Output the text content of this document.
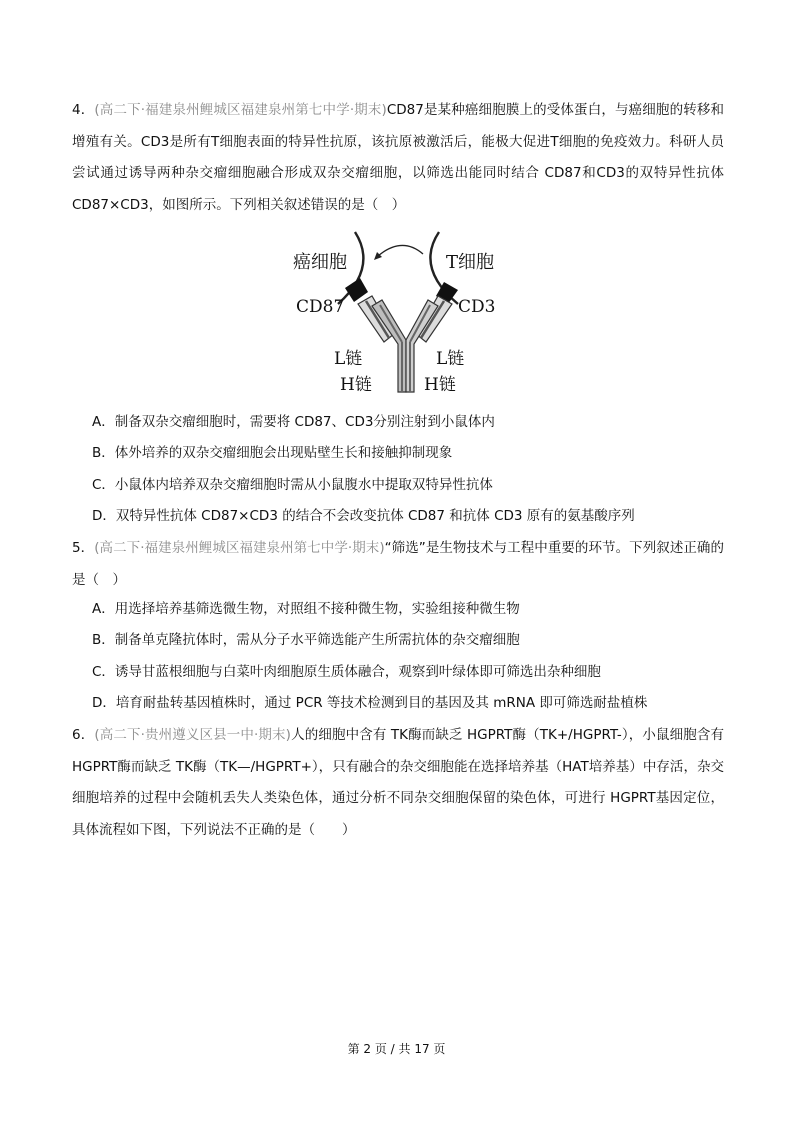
4．(高二下·福建泉州鲤城区福建泉州第七中学·期末)CD87是某种癌细胞膜上的受体蛋白，与癌细胞的转移和增殖有关。CD3是所有T细胞表面的特异性抗原，该抗原被激活后，能极大促进T细胞的免疫效力。科研人员尝试通过诱导两种杂交瘤细胞融合形成双杂交瘤细胞，以筛选出能同时结合 CD87和CD3的双特异性抗体 CD87×CD3，如图所示。下列相关叙述错误的是（　）
癌细胞	T细胞
CD87	CD3
L链	L链
H链	H链
A．制备双杂交瘤细胞时，需要将 CD87、CD3分别注射到小鼠体内
B．体外培养的双杂交瘤细胞会出现贴壁生长和接触抑制现象
C．小鼠体内培养双杂交瘤细胞时需从小鼠腹水中提取双特异性抗体
D．双特异性抗体 CD87×CD3 的结合不会改变抗体 CD87 和抗体 CD3 原有的氨基酸序列
5．(高二下·福建泉州鲤城区福建泉州第七中学·期末)“筛选”是生物技术与工程中重要的环节。下列叙述正确的是（　）
A．用选择培养基筛选微生物，对照组不接种微生物，实验组接种微生物
B．制备单克隆抗体时，需从分子水平筛选能产生所需抗体的杂交瘤细胞
C．诱导甘蓝根细胞与白菜叶肉细胞原生质体融合，观察到叶绿体即可筛选出杂种细胞
D．培育耐盐转基因植株时，通过 PCR 等技术检测到目的基因及其 mRNA 即可筛选耐盐植株
6．(高二下·贵州遵义区县一中·期末)人的细胞中含有 TK酶而缺乏 HGPRT酶（TK+/HGPRT-），小鼠细胞含有HGPRT酶而缺乏 TK酶（TK—/HGPRT+），只有融合的杂交细胞能在选择培养基（HAT培养基）中存活，杂交细胞培养的过程中会随机丢失人类染色体，通过分析不同杂交细胞保留的染色体，可进行 HGPRT基因定位，具体流程如下图，下列说法不正确的是（　　）
第 2 页 / 共 17 页
